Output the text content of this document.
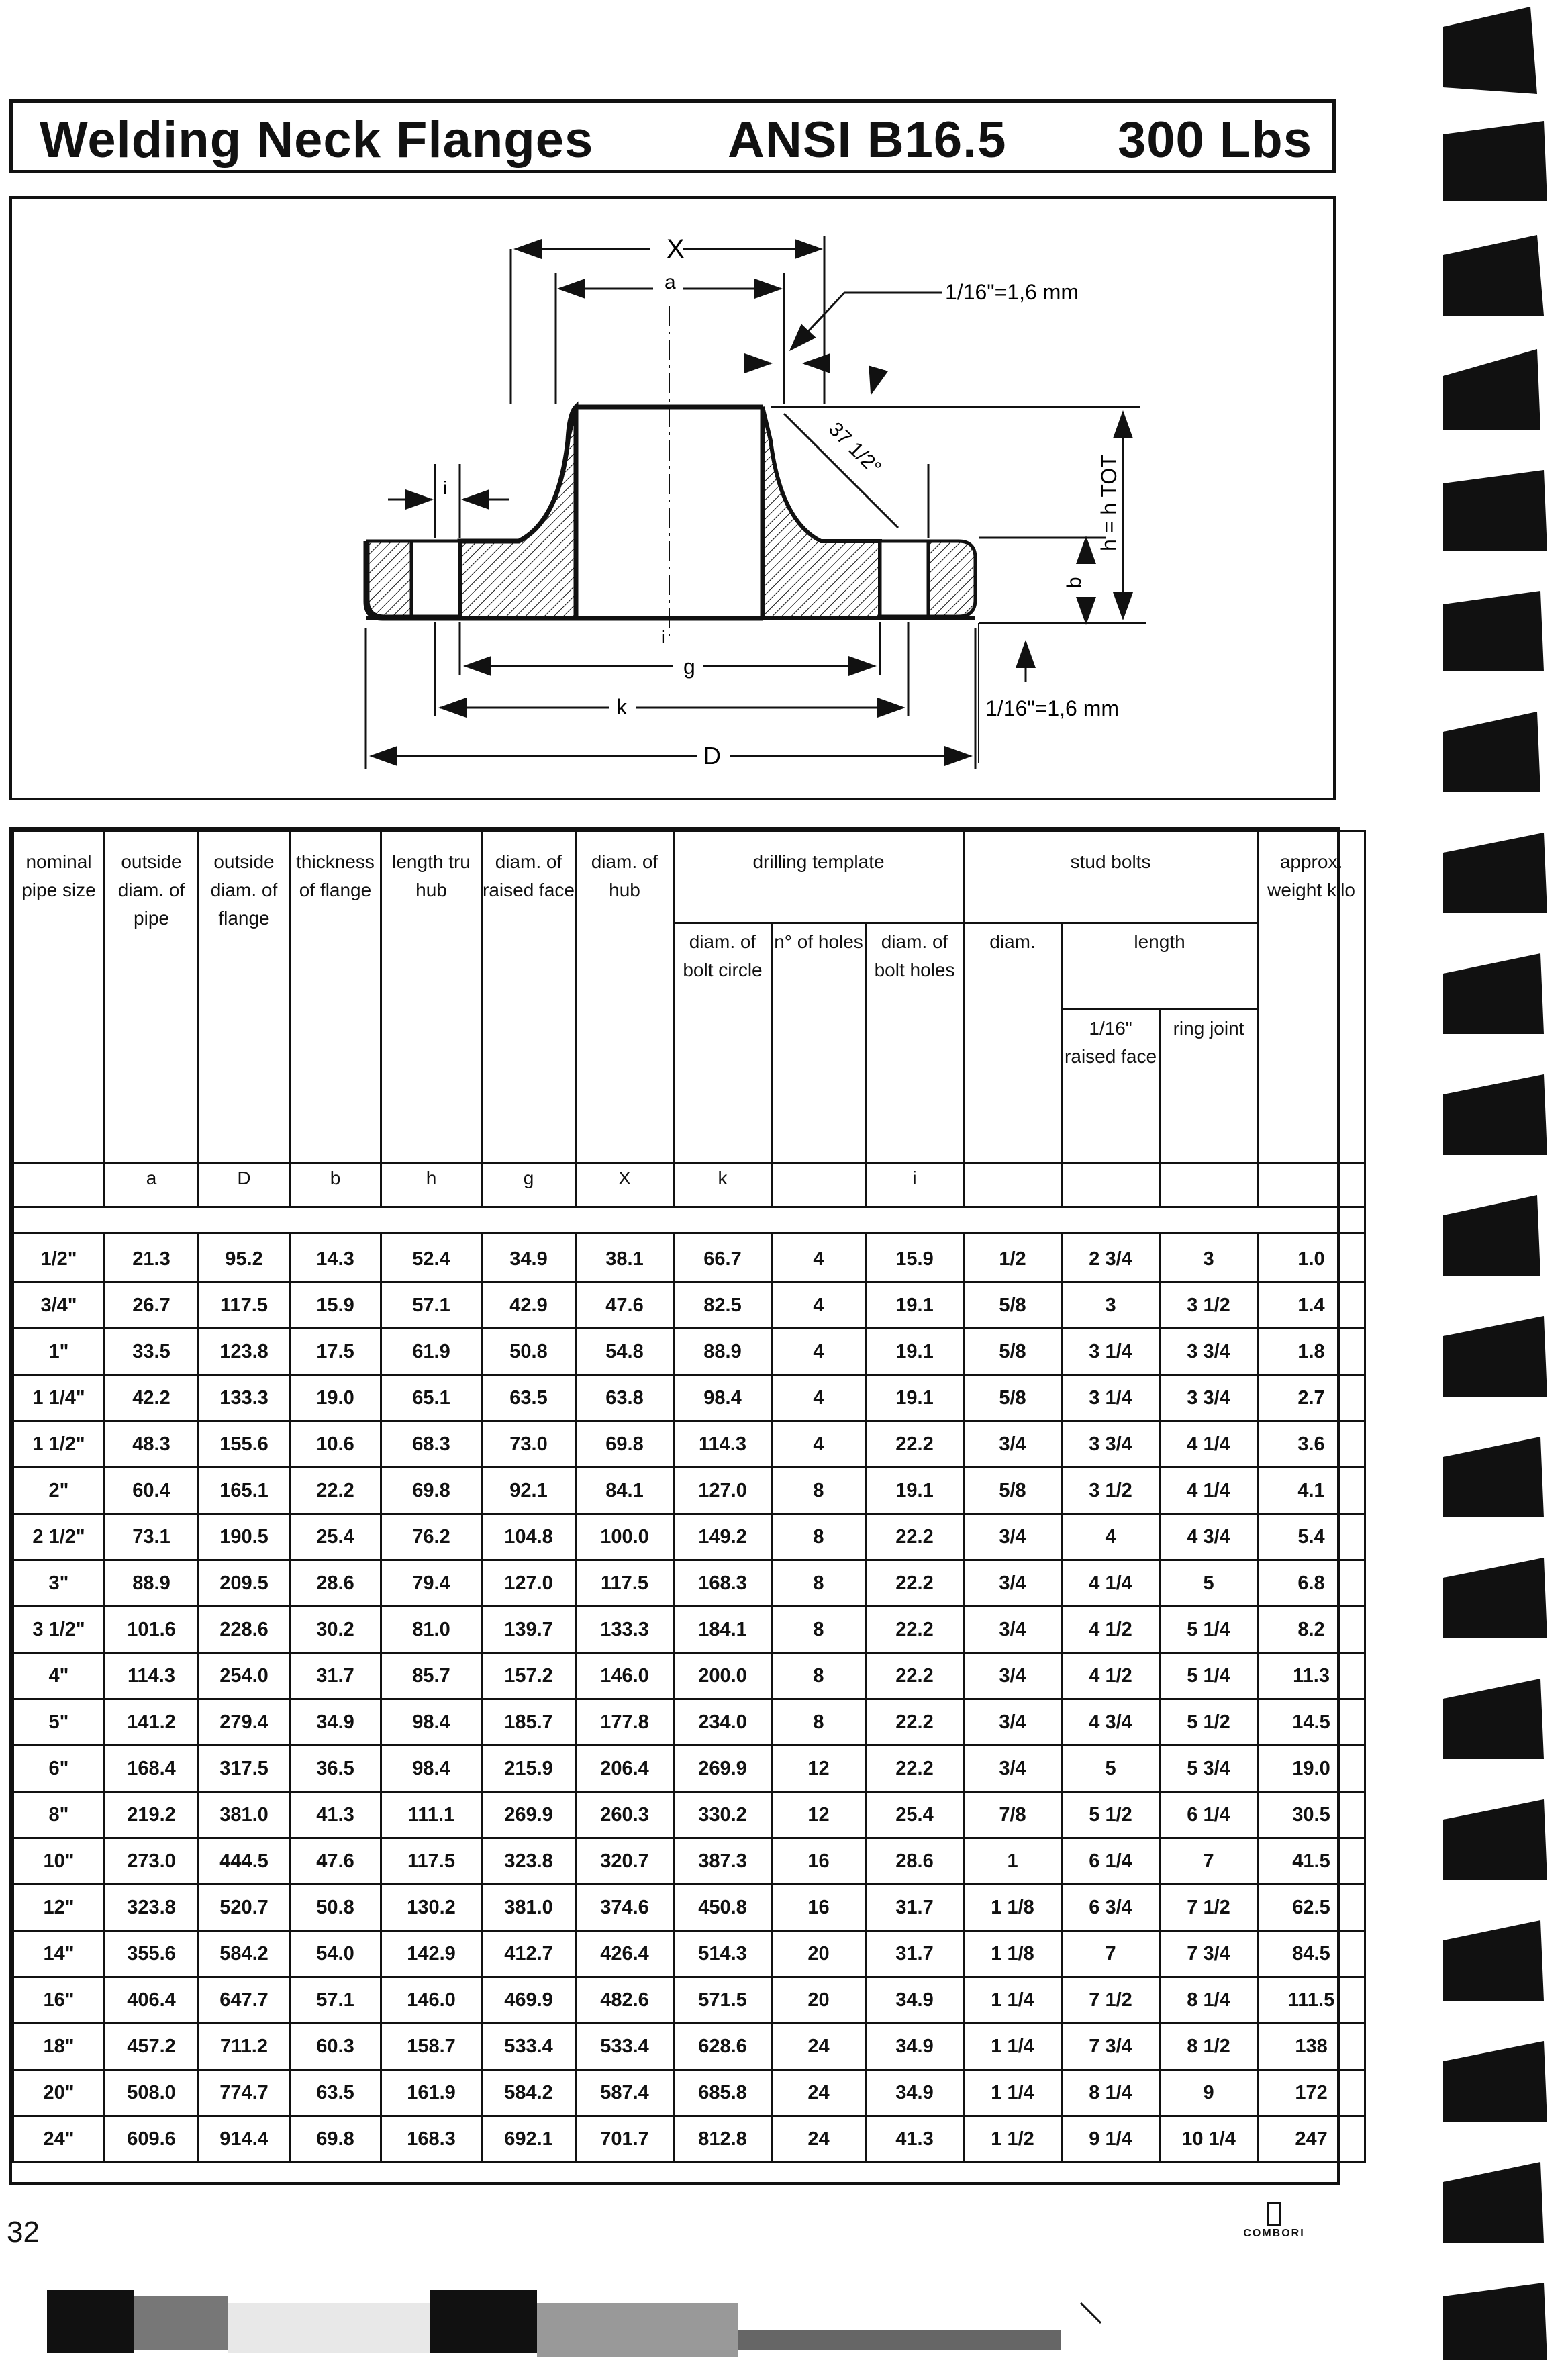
Welding Neck Flanges	ANSI B16.5 300 Lbs
X
a	1/16"=1,6 mm
37 1/2°
h = h TOT
b
i
i
g
k
D
1/16"=1,6 mm
nominal pipe size	outside diam. of pipe	outside diam. of flange	thickness of flange	length tru hub	diam. of raised face	diam. of hub	drilling template			stud bolts			approx. weight kilo
							diam. of bolt circle	n° of holes	diam. of bolt holes	diam.	length		
											1/16" raised face	ring joint	
	a	D	b	h	g	X	k		i				

1/2"	21.3	95.2	14.3	52.4	34.9	38.1	66.7	4	15.9	1/2	2 3/4	3	1.0
3/4"	26.7	117.5	15.9	57.1	42.9	47.6	82.5	4	19.1	5/8	3	3 1/2	1.4
1"	33.5	123.8	17.5	61.9	50.8	54.8	88.9	4	19.1	5/8	3 1/4	3 3/4	1.8
1 1/4"	42.2	133.3	19.0	65.1	63.5	63.8	98.4	4	19.1	5/8	3 1/4	3 3/4	2.7
1 1/2"	48.3	155.6	10.6	68.3	73.0	69.8	114.3	4	22.2	3/4	3 3/4	4 1/4	3.6
2"	60.4	165.1	22.2	69.8	92.1	84.1	127.0	8	19.1	5/8	3 1/2	4 1/4	4.1
2 1/2"	73.1	190.5	25.4	76.2	104.8	100.0	149.2	8	22.2	3/4	4	4 3/4	5.4
3"	88.9	209.5	28.6	79.4	127.0	117.5	168.3	8	22.2	3/4	4 1/4	5	6.8
3 1/2"	101.6	228.6	30.2	81.0	139.7	133.3	184.1	8	22.2	3/4	4 1/2	5 1/4	8.2
4"	114.3	254.0	31.7	85.7	157.2	146.0	200.0	8	22.2	3/4	4 1/2	5 1/4	11.3
5"	141.2	279.4	34.9	98.4	185.7	177.8	234.0	8	22.2	3/4	4 3/4	5 1/2	14.5
6"	168.4	317.5	36.5	98.4	215.9	206.4	269.9	12	22.2	3/4	5	5 3/4	19.0
8"	219.2	381.0	41.3	111.1	269.9	260.3	330.2	12	25.4	7/8	5 1/2	6 1/4	30.5
10"	273.0	444.5	47.6	117.5	323.8	320.7	387.3	16	28.6	1	6 1/4	7	41.5
12"	323.8	520.7	50.8	130.2	381.0	374.6	450.8	16	31.7	1 1/8	6 3/4	7 1/2	62.5
14"	355.6	584.2	54.0	142.9	412.7	426.4	514.3	20	31.7	1 1/8	7	7 3/4	84.5
16"	406.4	647.7	57.1	146.0	469.9	482.6	571.5	20	34.9	1 1/4	7 1/2	8 1/4	111.5
18"	457.2	711.2	60.3	158.7	533.4	533.4	628.6	24	34.9	1 1/4	7 3/4	8 1/2	138
20"	508.0	774.7	63.5	161.9	584.2	587.4	685.8	24	34.9	1 1/4	8 1/4	9	172
24"	609.6	914.4	69.8	168.3	692.1	701.7	812.8	24	41.3	1 1/2	9 1/4	10 1/4	247
32	COMBORI
